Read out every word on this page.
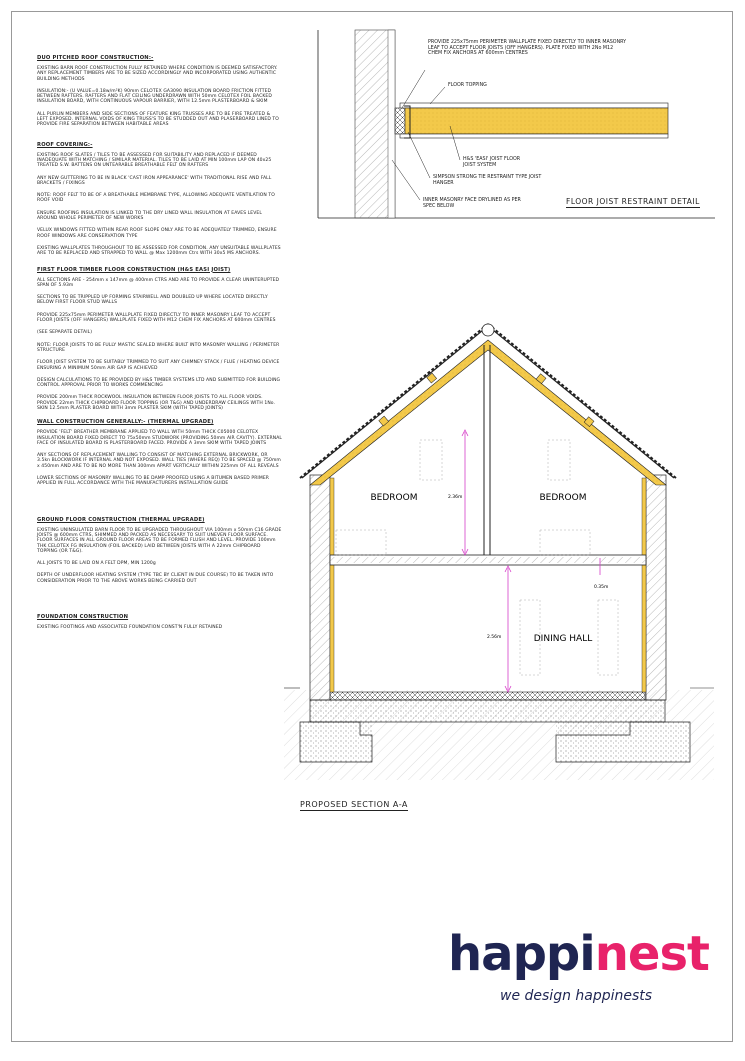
DUO PITCHED ROOF CONSTRUCTION:-
EXISTING BARN ROOF CONSTRUCTION FULLY RETAINED WHERE CONDITION IS DEEMED SATISFACTORY. ANY REPLACEMENT TIMBERS ARE TO BE SIZED ACCORDINGLY AND INCORPORATED USING AUTHENTIC BUILDING METHODS
INSULATION:- (U VALUE=0.18w/m²K) 90mm CELOTEX GA3090 INSULATION BOARD FRICTION FITTED BETWEEN RAFTERS. RAFTERS AND FLAT CEILING UNDERDRAWN WITH 50mm CELOTEX FOIL BACKED INSULATION BOARD, WITH CONTINUOUS VAPOUR BARRIER, WITH 12.5mm PLASTERBOARD & SKIM
ALL PURLIN MEMBERS AND SIDE SECTIONS OF FEATURE KING TRUSSES ARE TO BE FIRE TREATED & LEFT EXPOSED. INTERNAL VOIDS OF KING TRUSS'S TO BE STUDDED OUT AND PLASERBOARD LINED TO PROVIDE FIRE SEPARATION BETWEEN HABITABLE AREAS
ROOF COVERING:-
EXISTING ROOF SLATES / TILES TO BE ASSESSED FOR SUITABILITY AND REPLACED IF DEEMED INADEQUATE WITH MATCHING / SIMILAR MATERIAL. TILES TO BE LAID AT MIN 100mm LAP ON 40x25 TREATED S.W. BATTENS ON UNTEARABLE BREATHABLE FELT ON RAFTERS
ANY NEW GUTTERING TO BE IN BLACK 'CAST IRON APPEARANCE' WITH TRADITIONAL RISE AND FALL BRACKETS / FIXINGS
NOTE: ROOF FELT TO BE OF A BREATHABLE MEMBRANE TYPE, ALLOWING ADEQUATE VENTILATION TO ROOF VOID
ENSURE ROOFING INSULATION IS LINKED TO THE DRY LINED WALL INSULATION AT EAVES LEVEL AROUND WHOLE PERIMETER OF NEW WORKS
VELUX WINDOWS FITTED WITHIN REAR ROOF SLOPE ONLY ARE TO BE ADEQUATELY TRIMMED, ENSURE ROOF WINDOWS ARE CONSERVATION TYPE
EXISTING WALLPLATES THROUGHOUT TO BE ASSESSED FOR CONDITION. ANY UNSUITABLE WALLPLATES ARE TO BE REPLACED AND STRAPPED TO WALL @ Max 1200mm Ctrs WITH 30x5 MS ANCHORS.
FIRST FLOOR TIMBER FLOOR CONSTRUCTION (H&S EASI JOIST)
ALL SECTIONS ARE - 254mm x 147mm @ 400mm CTRS AND ARE TO PROVIDE A CLEAR UNINTERUPTED SPAN OF 5.93m
SECTIONS TO BE TRIPPLED UP FORMING STAIRWELL AND DOUBLED UP WHERE LOCATED DIRECTLY BELOW FIRST FLOOR STUD WALLS
PROVIDE 225x75mm PERIMETER WALLPLATE FIXED DIRECTLY TO INNER MASONRY LEAF TO ACCEPT FLOOR JOISTS (OFF HANGERS) WALLPLATE FIXED WITH M12 CHEM FIX ANCHORS AT 600mm CENTRES
(SEE SEPARATE DETAIL)
NOTE: FLOOR JOISTS TO BE FULLY MASTIC SEALED WHERE BUILT INTO MASONRY WALLING / PERIMETER STRUCTURE
FLOOR JOIST SYSTEM TO BE SUITABLY TRIMMED TO SUIT ANY CHIMNEY STACK / FLUE / HEATING DEVICE ENSURING A MINIMUM 50mm AIR GAP IS ACHIEVED
DESIGN CALCULATIONS TO BE PROVIDED BY H&S TIMBER SYSTEMS LTD AND SUBMITTED FOR BUILDING CONTROL APPROVAL PRIOR TO WORKS COMMENCING
PROVIDE 200mm THICK ROCKWOOL INSULATION BETWEEN FLOOR JOISTS TO ALL FLOOR VOIDS. PROVIDE 22mm THICK CHIPBOARD FLOOR TOPPING (OR T&G) AND UNDERDRAW CEILINGS WITH 1No. SKIN 12.5mm PLASTER BOARD WITH 3mm PLASTER SKIM (WITH TAPED JOINTS)
WALL CONSTRUCTION GENERALLY:- (THERMAL UPGRADE)
PROVIDE 'FELT' BREATHER MEMBRANE APPLIED TO WALL WITH 50mm THICK C05000 CELOTEX INSULATION BOARD FIXED DIRECT TO 75x50mm STUDWORK (PROVIDING 50mm AIR CAVITY). EXTERNAL FACE OF INSULATED BOARD IS PLASTERBOARD FACED. PROVIDE A 3mm SKIM WITH TAPED JOINTS
ANY SECTIONS OF REPLACEMENT WALLING TO CONSIST OF MATCHING EXTERNAL BRICKWORK, OR 3.5kn BLOCKWORK IF INTERNAL AND NOT EXPOSED. WALL TIES (WHERE REQ) TO BE SPACED @ 750mm x 450mm AND ARE TO BE NO MORE THAN 300mm APART VERTICALLY WITHIN 225mm OF ALL REVEALS
LOWER SECTIONS OF MASONRY WALLING TO BE DAMP PROOFED USING A BITUMEN BASED PRIMER APPLIED IN FULL ACCORDANCE WITH THE MANUFACTURERS INSTALLATION GUIDE
GROUND FLOOR CONSTRUCTION (THERMAL UPGRADE)
EXISTING UNINSULATED BARN FLOOR TO BE UPGRADED THROUGHOUT VIA 100mm x 50mm C16 GRADE JOISTS @ 600mm CTRS, SHIMMED AND PACKED AS NECESSARY TO SUIT UNEVEN FLOOR SURFACE. FLOOR SURFACES IN ALL GROUND FLOOR AREAS TO BE FORMED FLUSH AND LEVEL. PROVIDE 100mm THK CELOTEX FG INSULATION (FOIL BACKED) LAID BETWEEN JOISTS WITH A 22mm CHIPBOARD TOPPING (OR T&G).
ALL JOISTS TO BE LAID ON A FELT DPM, MIN 1200g
DEPTH OF UNDERFLOOR HEATING SYSTEM (TYPE TBC BY CLIENT IN DUE COURSE) TO BE TAKEN INTO CONSIDERATION PRIOR TO THE ABOVE WORKS BEING CARRIED OUT
FOUNDATION CONSTRUCTION
EXISTING FOOTINGS AND ASSOCIATED FOUNDATION CONST'N FULLY RETAINED
BEDROOM	BEDROOM
DINING HALL
2.36m
2.56m
0.35m
PROVIDE 225x75mm PERIMETER WALLPLATE FIXED DIRECTLY TO INNER MASONRY LEAF TO ACCEPT FLOOR JOISTS (OFF HANGERS). PLATE FIXED WITH 2No M12 CHEM FIX ANCHORS AT 600mm CENTRES
FLOOR TOPPING
H&S 'EASI' JOIST FLOOR JOIST SYSTEM
SIMPSON STRONG TIE RESTRAINT TYPE JOIST HANGER
INNER MASONRY FACE DRYLINED AS PER SPEC BELOW
FLOOR JOIST RESTRAINT DETAIL
PROPOSED SECTION A-A
happinest
we design happinests
